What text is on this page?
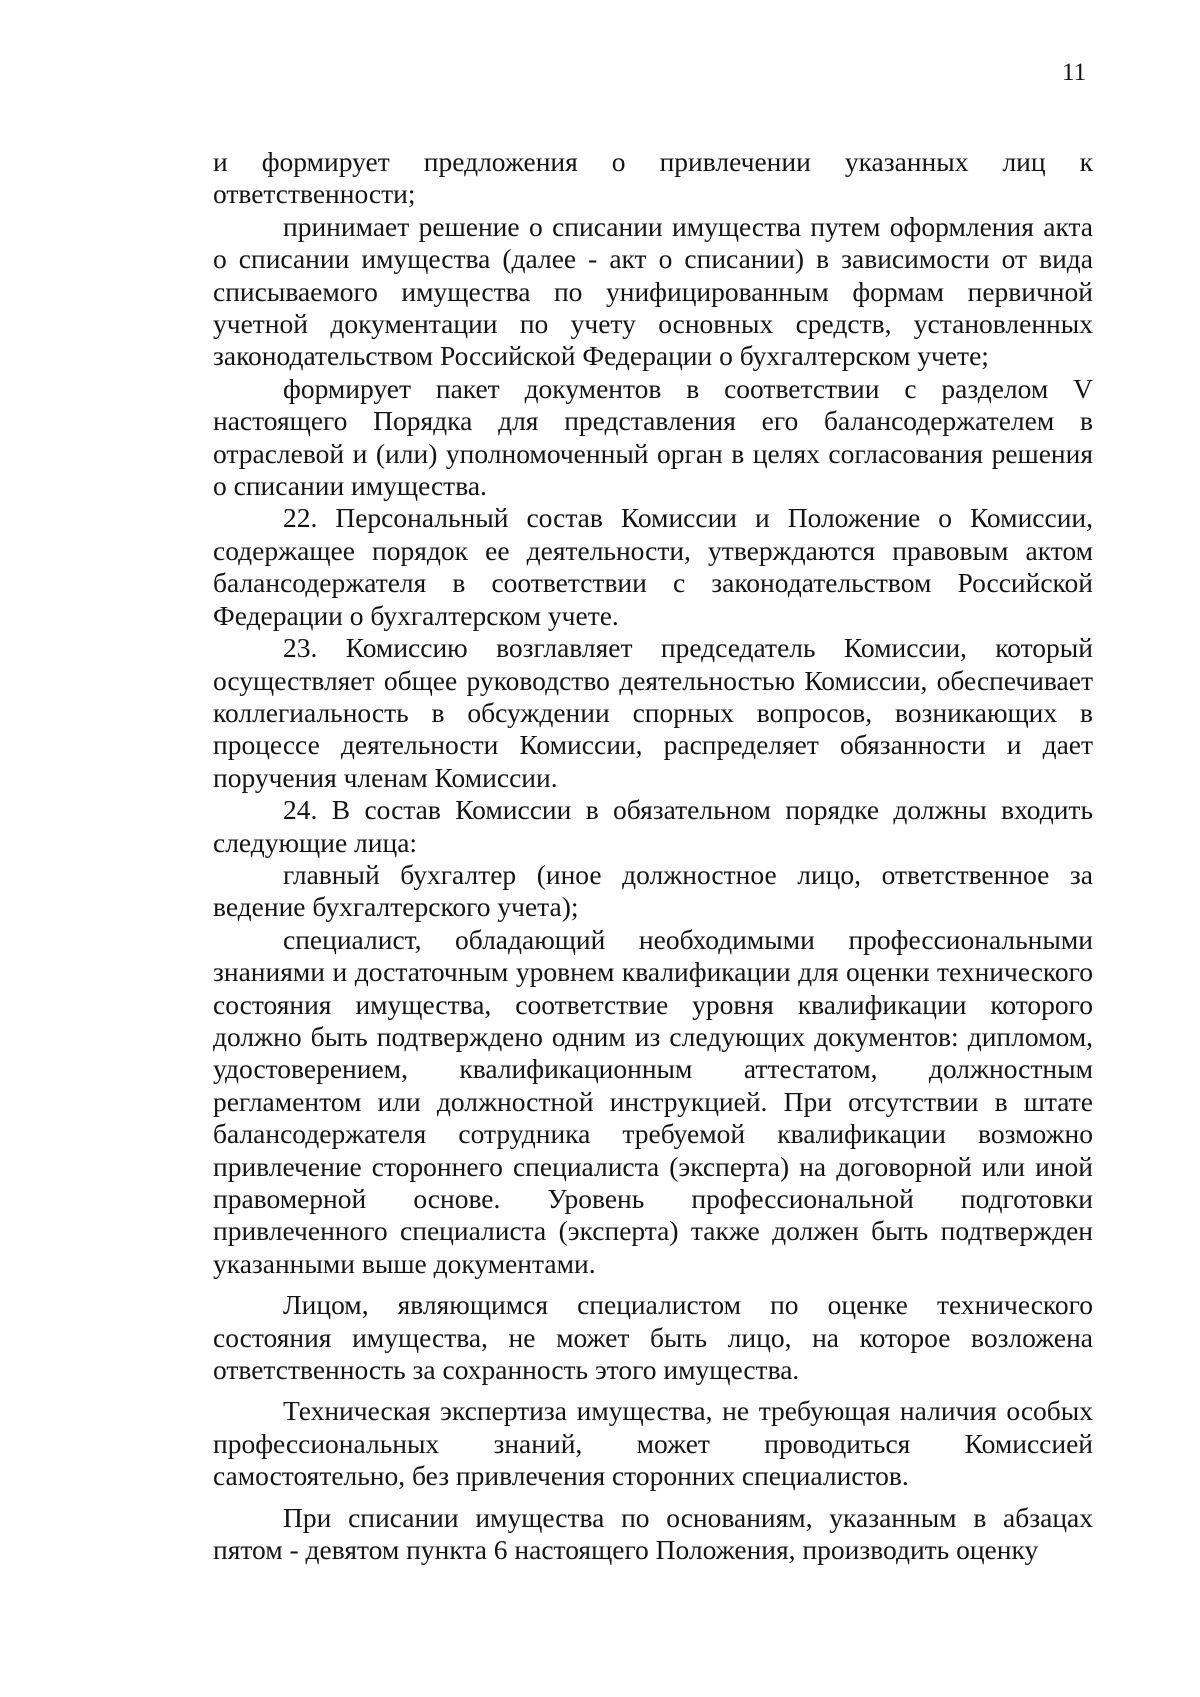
11

и формирует предложения о привлечении указанных лиц к ответственности;

принимает решение о списании имущества путем оформления акта о списании имущества (далее - акт о списании) в зависимости от вида списываемого имущества по унифицированным формам первичной учетной документации по учету основных средств, установленных законодательством Российской Федерации о бухгалтерском учете;

формирует пакет документов в соответствии с разделом V настоящего Порядка для представления его балансодержателем в отраслевой и (или) уполномоченный орган в целях согласования решения о списании имущества.

22. Персональный состав Комиссии и Положение о Комиссии, содержащее порядок ее деятельности, утверждаются правовым актом балансодержателя в соответствии с законодательством Российской Федерации о бухгалтерском учете.

23. Комиссию возглавляет председатель Комиссии, который осуществляет общее руководство деятельностью Комиссии, обеспечивает коллегиальность в обсуждении спорных вопросов, возникающих в процессе деятельности Комиссии, распределяет обязанности и дает поручения членам Комиссии.

24. В состав Комиссии в обязательном порядке должны входить следующие лица:

главный бухгалтер (иное должностное лицо, ответственное за ведение бухгалтерского учета);

специалист, обладающий необходимыми профессиональными знаниями и достаточным уровнем квалификации для оценки технического состояния имущества, соответствие уровня квалификации которого должно быть подтверждено одним из следующих документов: дипломом, удостоверением, квалификационным аттестатом, должностным регламентом или должностной инструкцией. При отсутствии в штате балансодержателя сотрудника требуемой квалификации возможно привлечение стороннего специалиста (эксперта) на договорной или иной правомерной основе. Уровень профессиональной подготовки привлеченного специалиста (эксперта) также должен быть подтвержден указанными выше документами.

Лицом, являющимся специалистом по оценке технического состояния имущества, не может быть лицо, на которое возложена ответственность за сохранность этого имущества.

Техническая экспертиза имущества, не требующая наличия особых профессиональных знаний, может проводиться Комиссией самостоятельно, без привлечения сторонних специалистов.

При списании имущества по основаниям, указанным в абзацах пятом - девятом пункта 6 настоящего Положения, производить оценку
